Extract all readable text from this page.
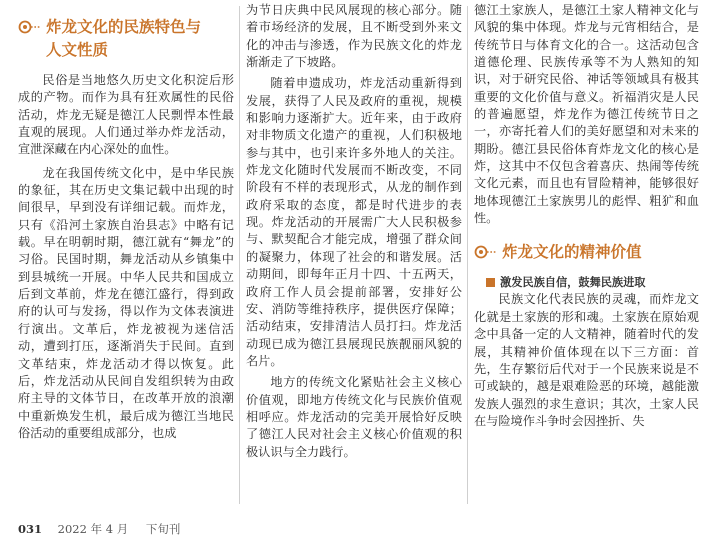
炸龙文化的民族特色与
人文性质

民俗是当地悠久历史文化积淀后形成的产物。而作为具有狂欢属性的民俗活动，炸龙无疑是德江人民剽悍本性最直观的展现。人们通过举办炸龙活动，宣泄深藏在内心深处的血性。

龙在我国传统文化中，是中华民族的象征，其在历史文集记载中出现的时间很早，早到没有详细记载。而炸龙，只有《沿河土家族自治县志》中略有记载。早在明朝时期，德江就有“舞龙”的习俗。民国时期，舞龙活动从乡镇集中到县城统一开展。中华人民共和国成立后到文革前，炸龙在德江盛行，得到政府的认可与发扬，得以作为文体表演进行演出。文革后，炸龙被视为迷信活动，遭到打压，逐渐消失于民间。直到文革结束，炸龙活动才得以恢复。此后，炸龙活动从民间自发组织转为由政府主导的文体节日，在改革开放的浪潮中重新焕发生机，最后成为德江当地民俗活动的重要组成部分，也成

为节日庆典中民风展现的核心部分。随着市场经济的发展，且不断受到外来文化的冲击与渗透，作为民族文化的炸龙渐渐走了下坡路。

随着申遗成功，炸龙活动重新得到发展，获得了人民及政府的重视，规模和影响力逐渐扩大。近年来，由于政府对非物质文化遗产的重视，人们积极地参与其中，也引来许多外地人的关注。炸龙文化随时代发展而不断改变，不同阶段有不样的表现形式，从龙的制作到政府采取的态度，都是时代进步的表现。炸龙活动的开展需广大人民积极参与、默契配合才能完成，增强了群众间的凝聚力，体现了社会的和谐发展。活动期间，即每年正月十四、十五两天，政府工作人员会提前部署，安排好公安、消防等维持秩序，提供医疗保障；活动结束，安排清洁人员打扫。炸龙活动现已成为德江县展现民族靓丽风貌的名片。

地方的传统文化紧贴社会主义核心价值观，即地方传统文化与民族价值观相呼应。炸龙活动的完美开展恰好反映了德江人民对社会主义核心价值观的积极认识与全力践行。

德江土家族人，是德江土家人精神文化与风貌的集中体现。炸龙与元宵相结合，是传统节日与体育文化的合一。这活动包含道德伦理、民族传承等不为人熟知的知识，对于研究民俗、神话等领域具有极其重要的文化价值与意义。祈福消灾是人民的普遍愿望，炸龙作为德江传统节日之一，亦寄托着人们的美好愿望和对未来的期盼。德江县民俗体育炸龙文化的核心是炸，这其中不仅包含着喜庆、热闹等传统文化元素，而且也有冒险精神，能够很好地体现德江土家族男儿的彪悍、粗犷和血性。

炸龙文化的精神价值
激发民族自信，鼓舞民族进取

民族文化代表民族的灵魂，而炸龙文化就是土家族的形和魂。土家族在原始观念中具备一定的人文精神，随着时代的发展，其精神价值体现在以下三方面：首先，生存繁衍后代对于一个民族来说是不可或缺的，越是艰难险恶的环境，越能激发族人强烈的求生意识；其次，土家人民在与险境作斗争时会因挫折、失

031 2022 年 4 月 下旬刊
